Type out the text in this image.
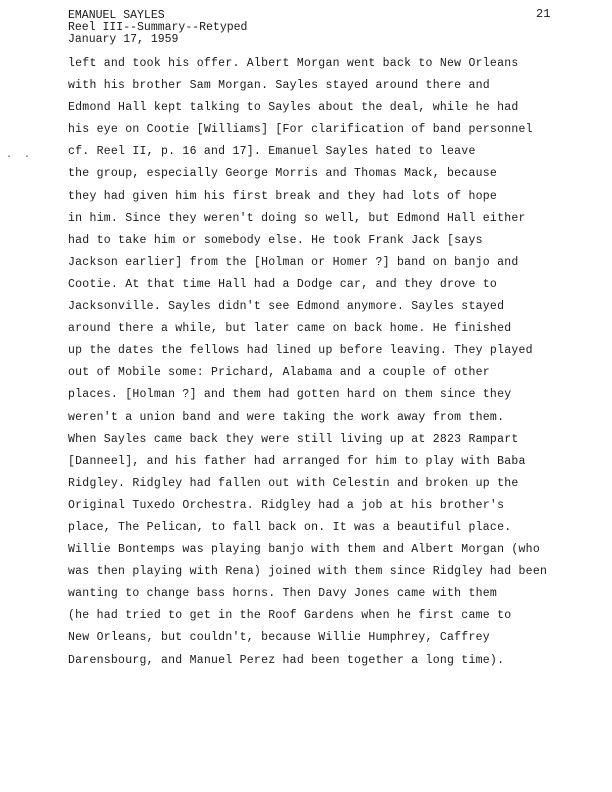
EMANUEL SAYLES
Reel III--Summary--Retyped
January 17, 1959
21
·  ·
left and took his offer. Albert Morgan went back to New Orleans
with his brother Sam Morgan. Sayles stayed around there and
Edmond Hall kept talking to Sayles about the deal, while he had
his eye on Cootie [Williams] [For clarification of band personnel
cf. Reel II, p. 16 and 17]. Emanuel Sayles hated to leave
the group, especially George Morris and Thomas Mack, because
they had given him his first break and they had lots of hope
in him. Since they weren't doing so well, but Edmond Hall either
had to take him or somebody else. He took Frank Jack [says
Jackson earlier] from the [Holman or Homer ?] band on banjo and
Cootie. At that time Hall had a Dodge car, and they drove to
Jacksonville. Sayles didn't see Edmond anymore. Sayles stayed
around there a while, but later came on back home. He finished
up the dates the fellows had lined up before leaving. They played
out of Mobile some: Prichard, Alabama and a couple of other
places. [Holman ?] and them had gotten hard on them since they
weren't a union band and were taking the work away from them.
When Sayles came back they were still living up at 2823 Rampart
[Danneel], and his father had arranged for him to play with Baba
Ridgley. Ridgley had fallen out with Celestin and broken up the
Original Tuxedo Orchestra. Ridgley had a job at his brother's
place, The Pelican, to fall back on. It was a beautiful place.
Willie Bontemps was playing banjo with them and Albert Morgan (who
was then playing with Rena) joined with them since Ridgley had been
wanting to change bass horns. Then Davy Jones came with them
(he had tried to get in the Roof Gardens when he first came to
New Orleans, but couldn't, because Willie Humphrey, Caffrey
Darensbourg, and Manuel Perez had been together a long time).
